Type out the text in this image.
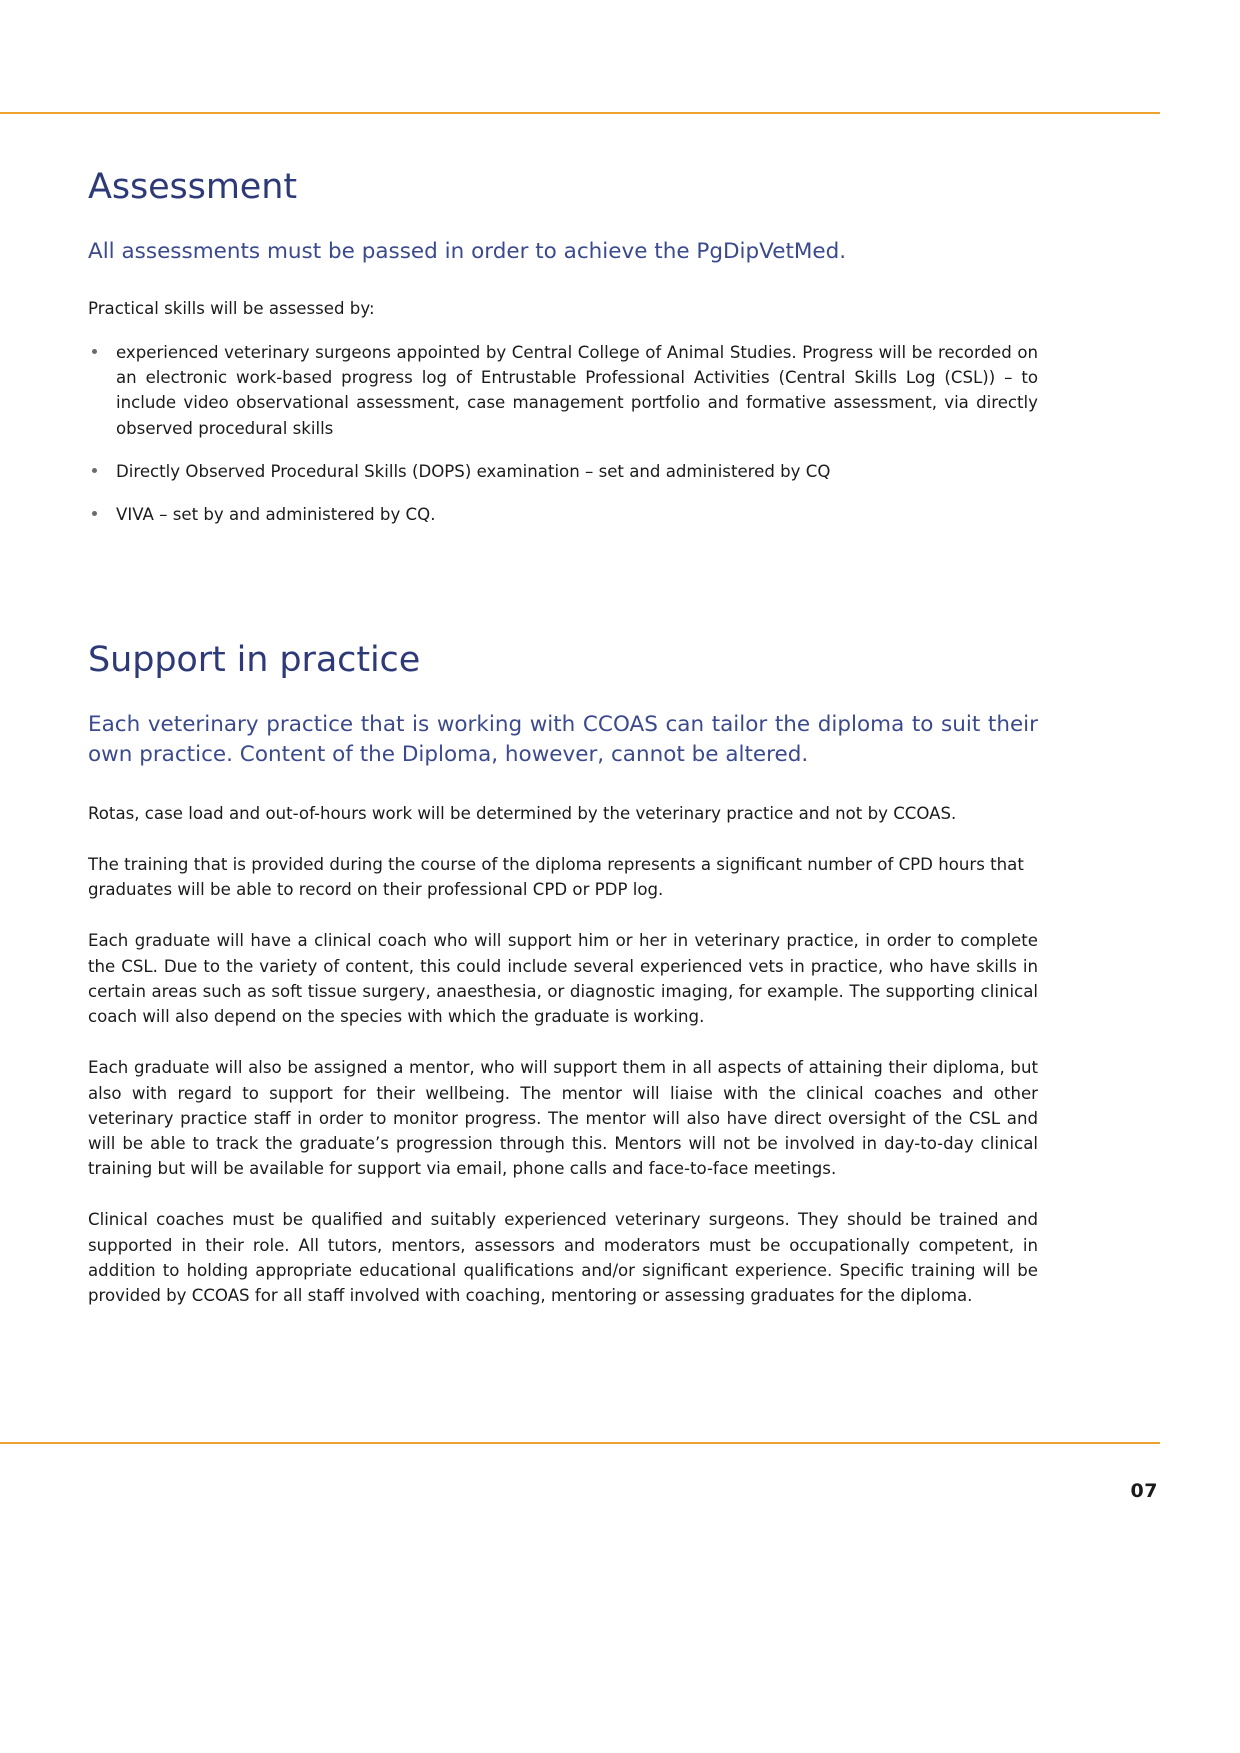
Assessment

All assessments must be passed in order to achieve the PgDipVetMed.

Practical skills will be assessed by:

experienced veterinary surgeons appointed by Central College of Animal Studies. Progress will be recorded on an electronic work-based progress log of Entrustable Professional Activities (Central Skills Log (CSL)) – to include video observational assessment, case management portfolio and formative assessment, via directly observed procedural skills
Directly Observed Procedural Skills (DOPS) examination – set and administered by CQ
VIVA – set by and administered by CQ.
Support in practice

Each veterinary practice that is working with CCOAS can tailor the diploma to suit their own practice. Content of the Diploma, however, cannot be altered.

Rotas, case load and out-of-hours work will be determined by the veterinary practice and not by CCOAS.

The training that is provided during the course of the diploma represents a significant number of CPD hours that graduates will be able to record on their professional CPD or PDP log.

Each graduate will have a clinical coach who will support him or her in veterinary practice, in order to complete the CSL. Due to the variety of content, this could include several experienced vets in practice, who have skills in certain areas such as soft tissue surgery, anaesthesia, or diagnostic imaging, for example. The supporting clinical coach will also depend on the species with which the graduate is working.

Each graduate will also be assigned a mentor, who will support them in all aspects of attaining their diploma, but also with regard to support for their wellbeing. The mentor will liaise with the clinical coaches and other veterinary practice staff in order to monitor progress. The mentor will also have direct oversight of the CSL and will be able to track the graduate’s progression through this. Mentors will not be involved in day-to-day clinical training but will be available for support via email, phone calls and face-to-face meetings.

Clinical coaches must be qualified and suitably experienced veterinary surgeons. They should be trained and supported in their role. All tutors, mentors, assessors and moderators must be occupationally competent, in addition to holding appropriate educational qualifications and/or significant experience. Specific training will be provided by CCOAS for all staff involved with coaching, mentoring or assessing graduates for the diploma.

07
